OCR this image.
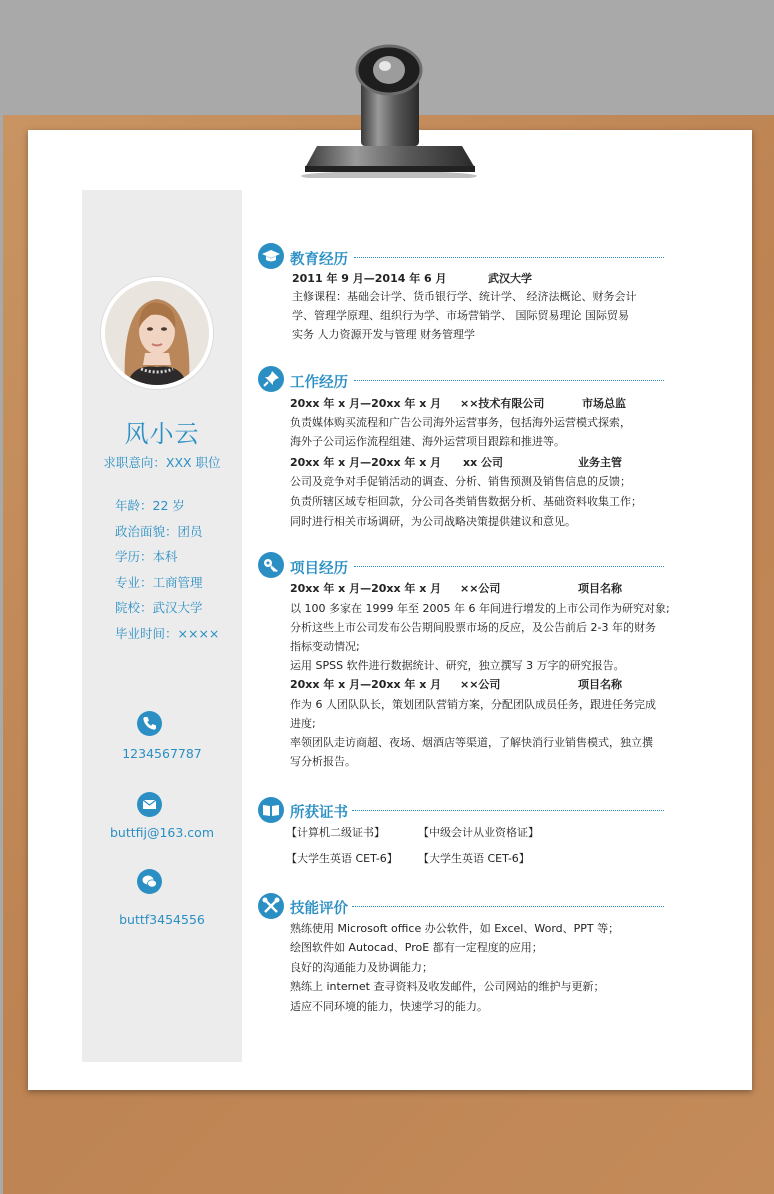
风小云
求职意向：XXX 职位
年龄：22 岁
政治面貌：团员
学历：本科
专业：工商管理
院校：武汉大学
毕业时间：××××
1234567787
buttfij@163.com
buttf3454556
教育经历
2011 年 9 月—2014 年 6 月	武汉大学
主修课程：基础会计学、货币银行学、统计学、 经济法概论、财务会计
学、管理学原理、组织行为学、市场营销学、 国际贸易理论 国际贸易
实务 人力资源开发与管理 财务管理学
工作经历
20xx 年 x 月—20xx 年 x 月 ××技术有限公司	市场总监
负责媒体购买流程和广告公司海外运营事务，包括海外运营模式探索，
海外子公司运作流程组建、海外运营项目跟踪和推进等。
20xx 年 x 月—20xx 年 x 月 xx 公司	业务主管
公司及竞争对手促销活动的调查、分析、销售预测及销售信息的反馈；
负责所辖区域专柜回款，分公司各类销售数据分析、基础资料收集工作；
同时进行相关市场调研，为公司战略决策提供建议和意见。
项目经历
20xx 年 x 月—20xx 年 x 月 ××公司	项目名称
以 100 多家在 1999 年至 2005 年 6 年间进行增发的上市公司作为研究对象;
分析这些上市公司发布公告期间股票市场的反应，及公告前后 2-3 年的财务
指标变动情况;
运用 SPSS 软件进行数据统计、研究，独立撰写 3 万字的研究报告。
20xx 年 x 月—20xx 年 x 月 ××公司	项目名称
作为 6 人团队队长，策划团队营销方案，分配团队成员任务，跟进任务完成
进度;
率领团队走访商超、夜场、烟酒店等渠道，了解快消行业销售模式，独立撰
写分析报告。
所获证书
【计算机二级证书】	【中级会计从业资格证】
【大学生英语 CET-6】 【大学生英语 CET-6】
技能评价
熟练使用 Microsoft office 办公软件，如 Excel、Word、PPT 等；
绘图软件如 Autocad、ProE 都有一定程度的应用；
良好的沟通能力及协调能力；
熟练上 internet 查寻资料及收发邮件，公司网站的维护与更新；
适应不同环境的能力，快速学习的能力。
